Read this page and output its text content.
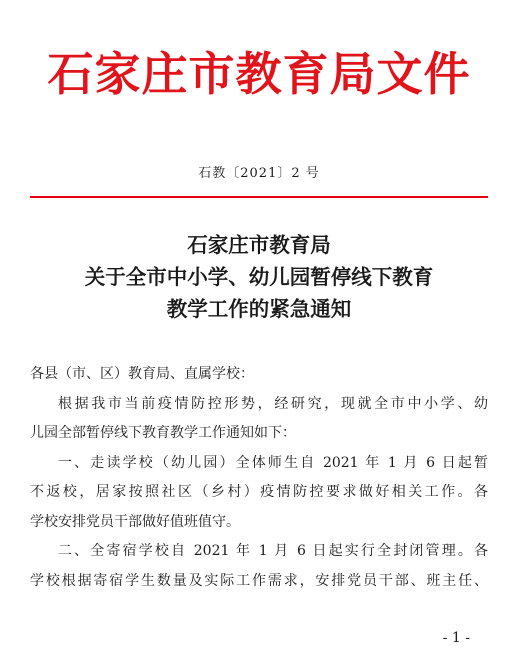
石家庄市教育局文件
石教〔2021〕2 号
石家庄市教育局
关于全市中小学、幼儿园暂停线下教育
教学工作的紧急通知

各县（市、区）教育局、直属学校：

根据我市当前疫情防控形势，经研究，现就全市中小学、幼

儿园全部暂停线下教育教学工作通知如下：

一、走读学校（幼儿园）全体师生自 2021 年 1 月 6 日起暂

不返校，居家按照社区（乡村）疫情防控要求做好相关工作。各

学校安排党员干部做好值班值守。

二、全寄宿学校自 2021 年 1 月 6 日起实行全封闭管理。各

学校根据寄宿学生数量及实际工作需求，安排党员干部、班主任、

- 1 -
